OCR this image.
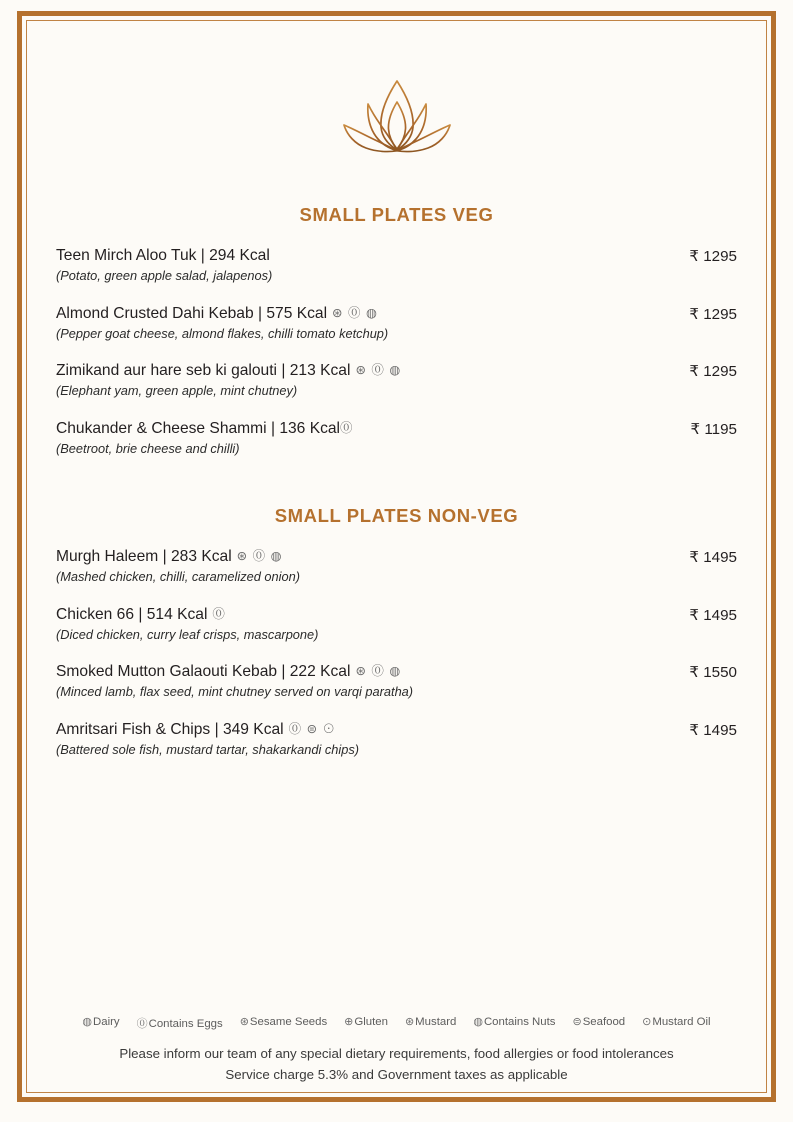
SMALL PLATES VEG
Teen Mirch Aloo Tuk | 294 Kcal
(Potato, green apple salad, jalapenos)
₹ 1295
Almond Crusted Dahi Kebab | 575 Kcal ⊛ ⓪ ◍
(Pepper goat cheese, almond flakes, chilli tomato ketchup)
₹ 1295
Zimikand aur hare seb ki galouti | 213 Kcal ⊛ ⓪ ◍
(Elephant yam, green apple, mint chutney)
₹ 1295
Chukander & Cheese Shammi | 136 Kcal⓪
(Beetroot, brie cheese and chilli)
₹ 1195
SMALL PLATES NON-VEG
Murgh Haleem | 283 Kcal ⊛ ⓪ ◍
(Mashed chicken, chilli, caramelized onion)
₹ 1495
Chicken 66 | 514 Kcal ⓪
(Diced chicken, curry leaf crisps, mascarpone)
₹ 1495
Smoked Mutton Galaouti Kebab | 222 Kcal ⊛ ⓪ ◍
(Minced lamb, flax seed, mint chutney served on varqi paratha)
₹ 1550
Amritsari Fish & Chips | 349 Kcal ⓪ ⊜ ⊙
(Battered sole fish, mustard tartar, shakarkandi chips)
₹ 1495
◍Dairy ⓪Contains Eggs ⊛Sesame Seeds ⊕Gluten ⊛Mustard ◍Contains Nuts ⊜Seafood ⊙Mustard Oil
Please inform our team of any special dietary requirements, food allergies or food intolerances
Service charge 5.3% and Government taxes as applicable
